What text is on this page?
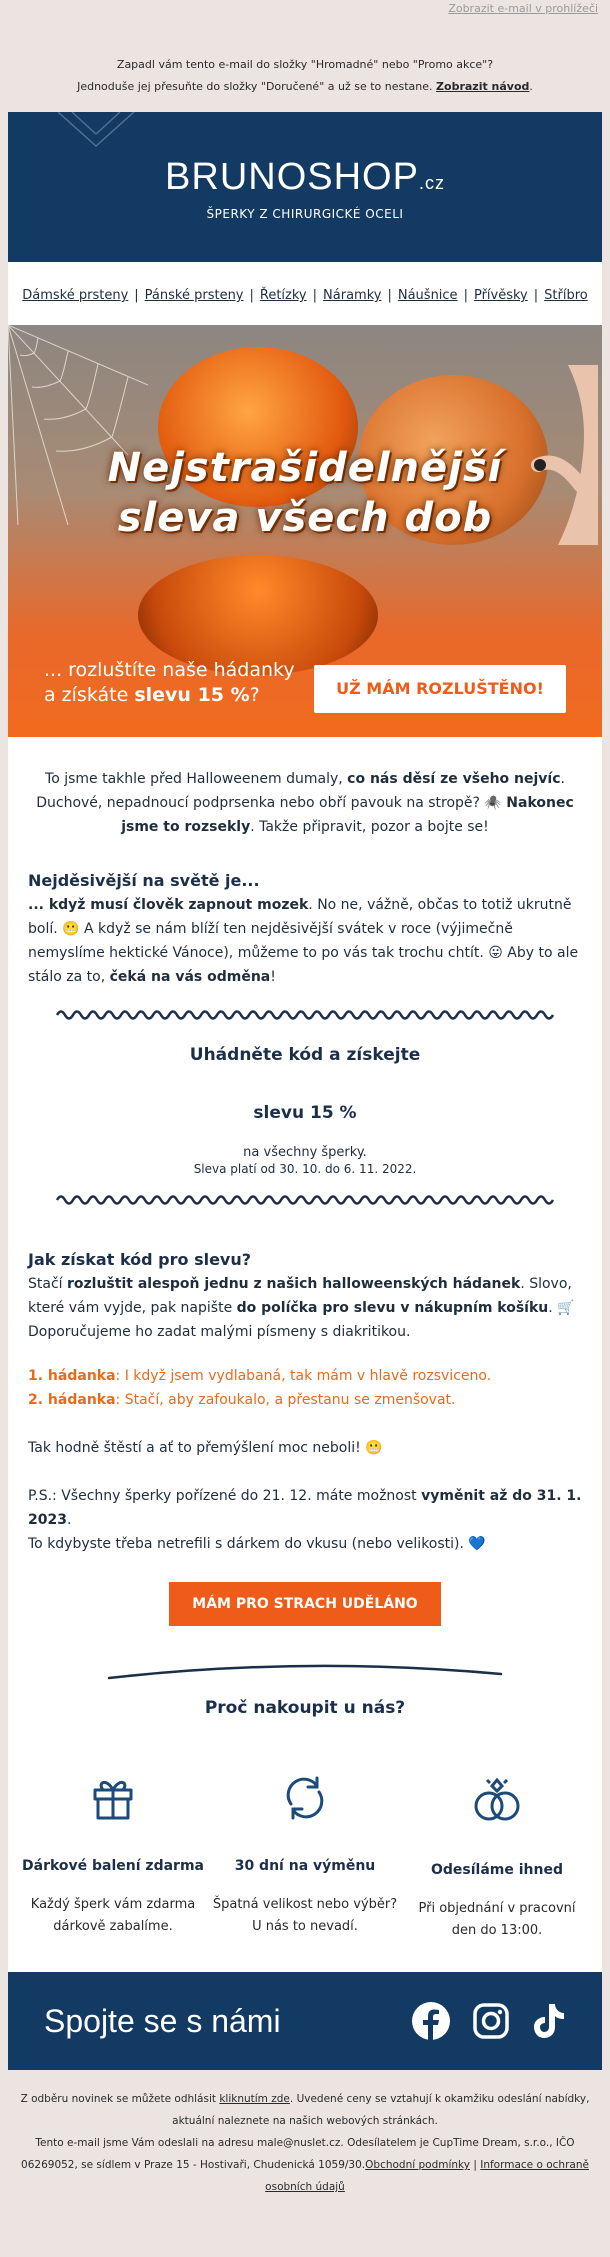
Zobrazit e-mail v prohlížeči
Zapadl vám tento e-mail do složky "Hromadné" nebo "Promo akce"?
Jednoduše jej přesuňte do složky "Doručené" a už se to nestane. Zobrazit návod.
BRUNOSHOP.cz
ŠPERKY Z CHIRURGICKÉ OCELI
Dámské prsteny | Pánské prsteny | Řetízky | Náramky | Náušnice | Přívěsky | Stříbro
Nejstrašidelnější
sleva všech dob
... rozluštíte naše hádanky
a získáte slevu 15 %?	UŽ MÁM ROZLUŠTĚNO!
To jsme takhle před Halloweenem dumaly, co nás děsí ze všeho nejvíc. Duchové, nepadnoucí podprsenka nebo obří pavouk na stropě? 🕷️ Nakonec jsme to rozsekly. Takže připravit, pozor a bojte se!
Nejděsivější na světě je...
... když musí člověk zapnout mozek. No ne, vážně, občas to totiž ukrutně bolí. 😬 A když se nám blíží ten nejděsivější svátek v roce (výjimečně nemyslíme hektické Vánoce), můžeme to po vás tak trochu chtít. 😛 Aby to ale stálo za to, čeká na vás odměna!
Uhádněte kód a získejte
slevu 15 %
na všechny šperky.
Sleva platí od 30. 10. do 6. 11. 2022.
Jak získat kód pro slevu?
Stačí rozluštit alespoň jednu z našich halloweenských hádanek. Slovo, které vám vyjde, pak napište do políčka pro slevu v nákupním košíku. 🛒 Doporučujeme ho zadat malými písmeny s diakritikou.
1. hádanka: I když jsem vydlabaná, tak mám v hlavě rozsviceno.
2. hádanka: Stačí, aby zafoukalo, a přestanu se zmenšovat.
Tak hodně štěstí a ať to přemýšlení moc neboli! 😬
P.S.: Všechny šperky pořízené do 21. 12. máte možnost vyměnit až do 31. 1. 2023.
To kdybyste třeba netrefili s dárkem do vkusu (nebo velikosti). 💙
MÁM PRO STRACH UDĚLÁNO
Proč nakoupit u nás?
Dárkové balení zdarma
Každý šperk vám zdarma
dárkově zabalíme.
30 dní na výměnu
Špatná velikost nebo výběr?
U nás to nevadí.
Odesíláme ihned
Při objednání v pracovní
den do 13:00.
Spojte se s námi
Z odběru novinek se můžete odhlásit kliknutím zde. Uvedené ceny se vztahují k okamžiku odeslání nabídky, aktuální naleznete na našich webových stránkách.
Tento e-mail jsme Vám odeslali na adresu male@nuslet.cz. Odesílatelem je CupTime Dream, s.r.o., IČO 06269052, se sídlem v Praze 15 - Hostivaři, Chudenická 1059/30.Obchodní podmínky | Informace o ochraně osobních údajů
